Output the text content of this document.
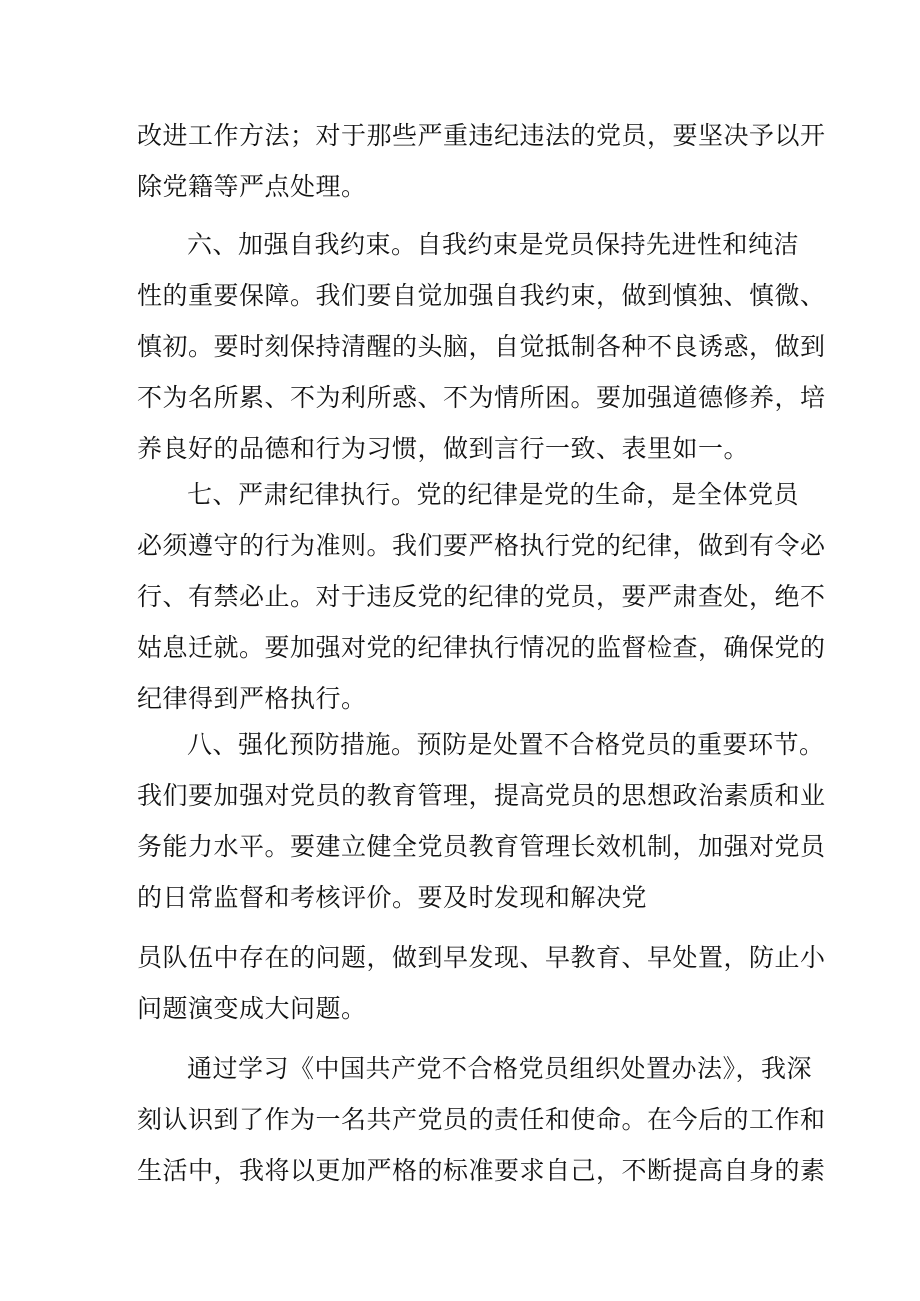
改进工作方法；对于那些严重违纪违法的党员，要坚决予以开
除党籍等严点处理。
六、加强自我约束。自我约束是党员保持先进性和纯洁
性的重要保障。我们要自觉加强自我约束，做到慎独、慎微、
慎初。要时刻保持清醒的头脑，自觉抵制各种不良诱惑，做到
不为名所累、不为利所惑、不为情所困。要加强道德修养，培
养良好的品德和行为习惯，做到言行一致、表里如一。
七、严肃纪律执行。党的纪律是党的生命，是全体党员
必须遵守的行为准则。我们要严格执行党的纪律，做到有令必
行、有禁必止。对于违反党的纪律的党员，要严肃查处，绝不
姑息迁就。要加强对党的纪律执行情况的监督检查，确保党的
纪律得到严格执行。
八、强化预防措施。预防是处置不合格党员的重要环节。
我们要加强对党员的教育管理，提高党员的思想政治素质和业
务能力水平。要建立健全党员教育管理长效机制，加强对党员
的日常监督和考核评价。要及时发现和解决党
员队伍中存在的问题，做到早发现、早教育、早处置，防止小
问题演变成大问题。
通过学习《中国共产党不合格党员组织处置办法》，我深
刻认识到了作为一名共产党员的责任和使命。在今后的工作和
生活中，我将以更加严格的标准要求自己，不断提高自身的素
